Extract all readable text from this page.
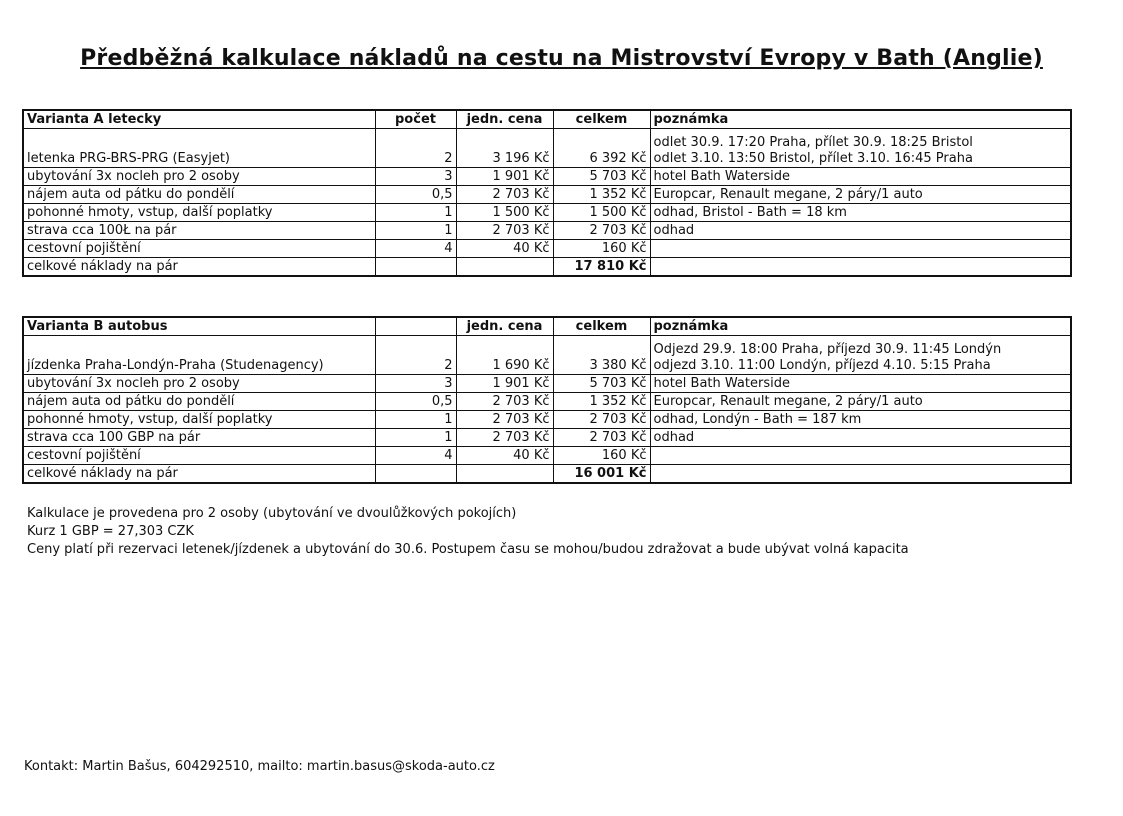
Předběžná kalkulace nákladů na cestu na Mistrovství Evropy v Bath (Anglie)
Varianta A letecky	počet	jedn. cena	celkem	poznámka
letenka PRG-BRS-PRG (Easyjet)	2	3 196 Kč	6 392 Kč	odlet 30.9. 17:20 Praha, přílet 30.9. 18:25 Bristol
odlet 3.10. 13:50 Bristol, přílet 3.10. 16:45 Praha

ubytování 3x nocleh pro 2 osoby	3	1 901 Kč	5 703 Kč	hotel Bath Waterside
nájem auta od pátku do pondělí	0,5	2 703 Kč	1 352 Kč	Europcar, Renault megane, 2 páry/1 auto
pohonné hmoty, vstup, další poplatky	1	1 500 Kč	1 500 Kč	odhad, Bristol - Bath = 18 km
strava cca 100Ł na pár	1	2 703 Kč	2 703 Kč	odhad
cestovní pojištění	4	40 Kč	160 Kč	
celkové náklady na pár			17 810 Kč	
Varianta B autobus		jedn. cena	celkem	poznámka
jízdenka Praha-Londýn-Praha (Studenagency)	2	1 690 Kč	3 380 Kč	Odjezd 29.9. 18:00 Praha, příjezd 30.9. 11:45 Londýn
odjezd 3.10. 11:00 Londýn, příjezd 4.10. 5:15 Praha

ubytování 3x nocleh pro 2 osoby	3	1 901 Kč	5 703 Kč	hotel Bath Waterside
nájem auta od pátku do pondělí	0,5	2 703 Kč	1 352 Kč	Europcar, Renault megane, 2 páry/1 auto
pohonné hmoty, vstup, další poplatky	1	2 703 Kč	2 703 Kč	odhad, Londýn - Bath = 187 km
strava cca 100 GBP na pár	1	2 703 Kč	2 703 Kč	odhad
cestovní pojištění	4	40 Kč	160 Kč	
celkové náklady na pár			16 001 Kč	
Kalkulace je provedena pro 2 osoby (ubytování ve dvoulůžkových pokojích)
Kurz 1 GBP = 27,303 CZK
Ceny platí při rezervaci letenek/jízdenek a ubytování do 30.6. Postupem času se mohou/budou zdražovat a bude ubývat volná kapacita
Kontakt: Martin Bašus, 604292510, mailto: martin.basus@skoda-auto.cz
